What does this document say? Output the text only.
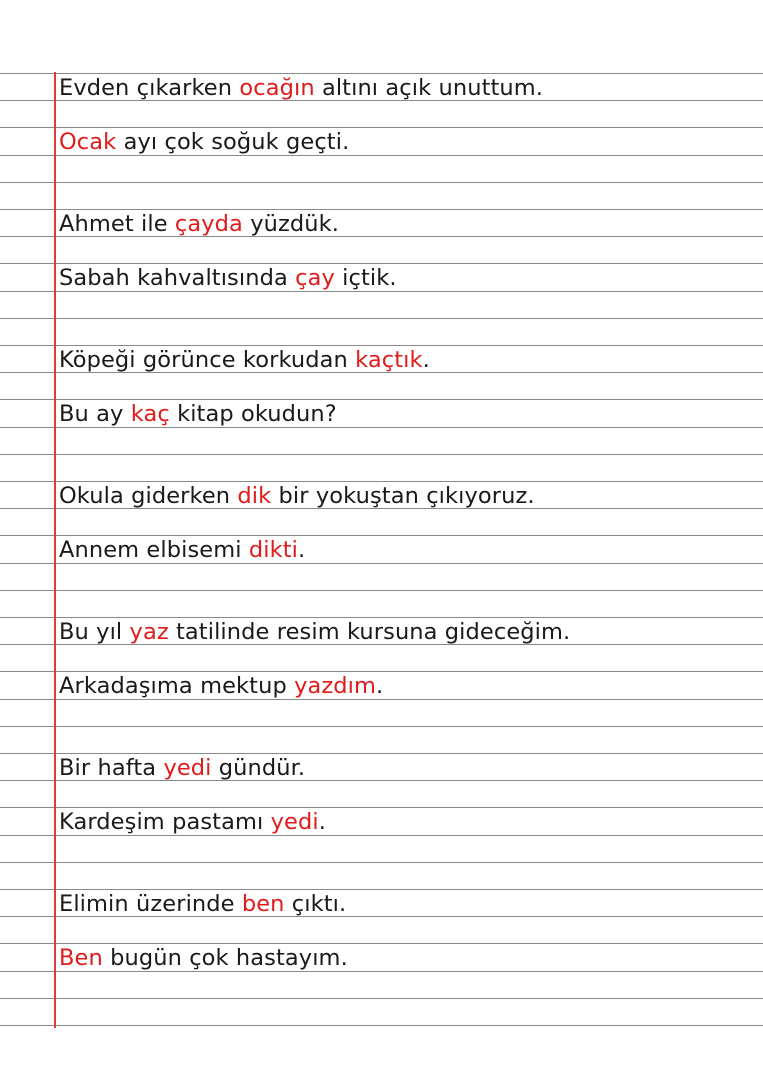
Evden çıkarken ocağın altını açık unuttum.
Ocak ayı çok soğuk geçti.
Ahmet ile çayda yüzdük.
Sabah kahvaltısında çay içtik.
Köpeği görünce korkudan kaçtık.
Bu ay kaç kitap okudun?
Okula giderken dik bir yokuştan çıkıyoruz.
Annem elbisemi dikti.
Bu yıl yaz tatilinde resim kursuna gideceğim.
Arkadaşıma mektup yazdım.
Bir hafta yedi gündür.
Kardeşim pastamı yedi.
Elimin üzerinde ben çıktı.
Ben bugün çok hastayım.
